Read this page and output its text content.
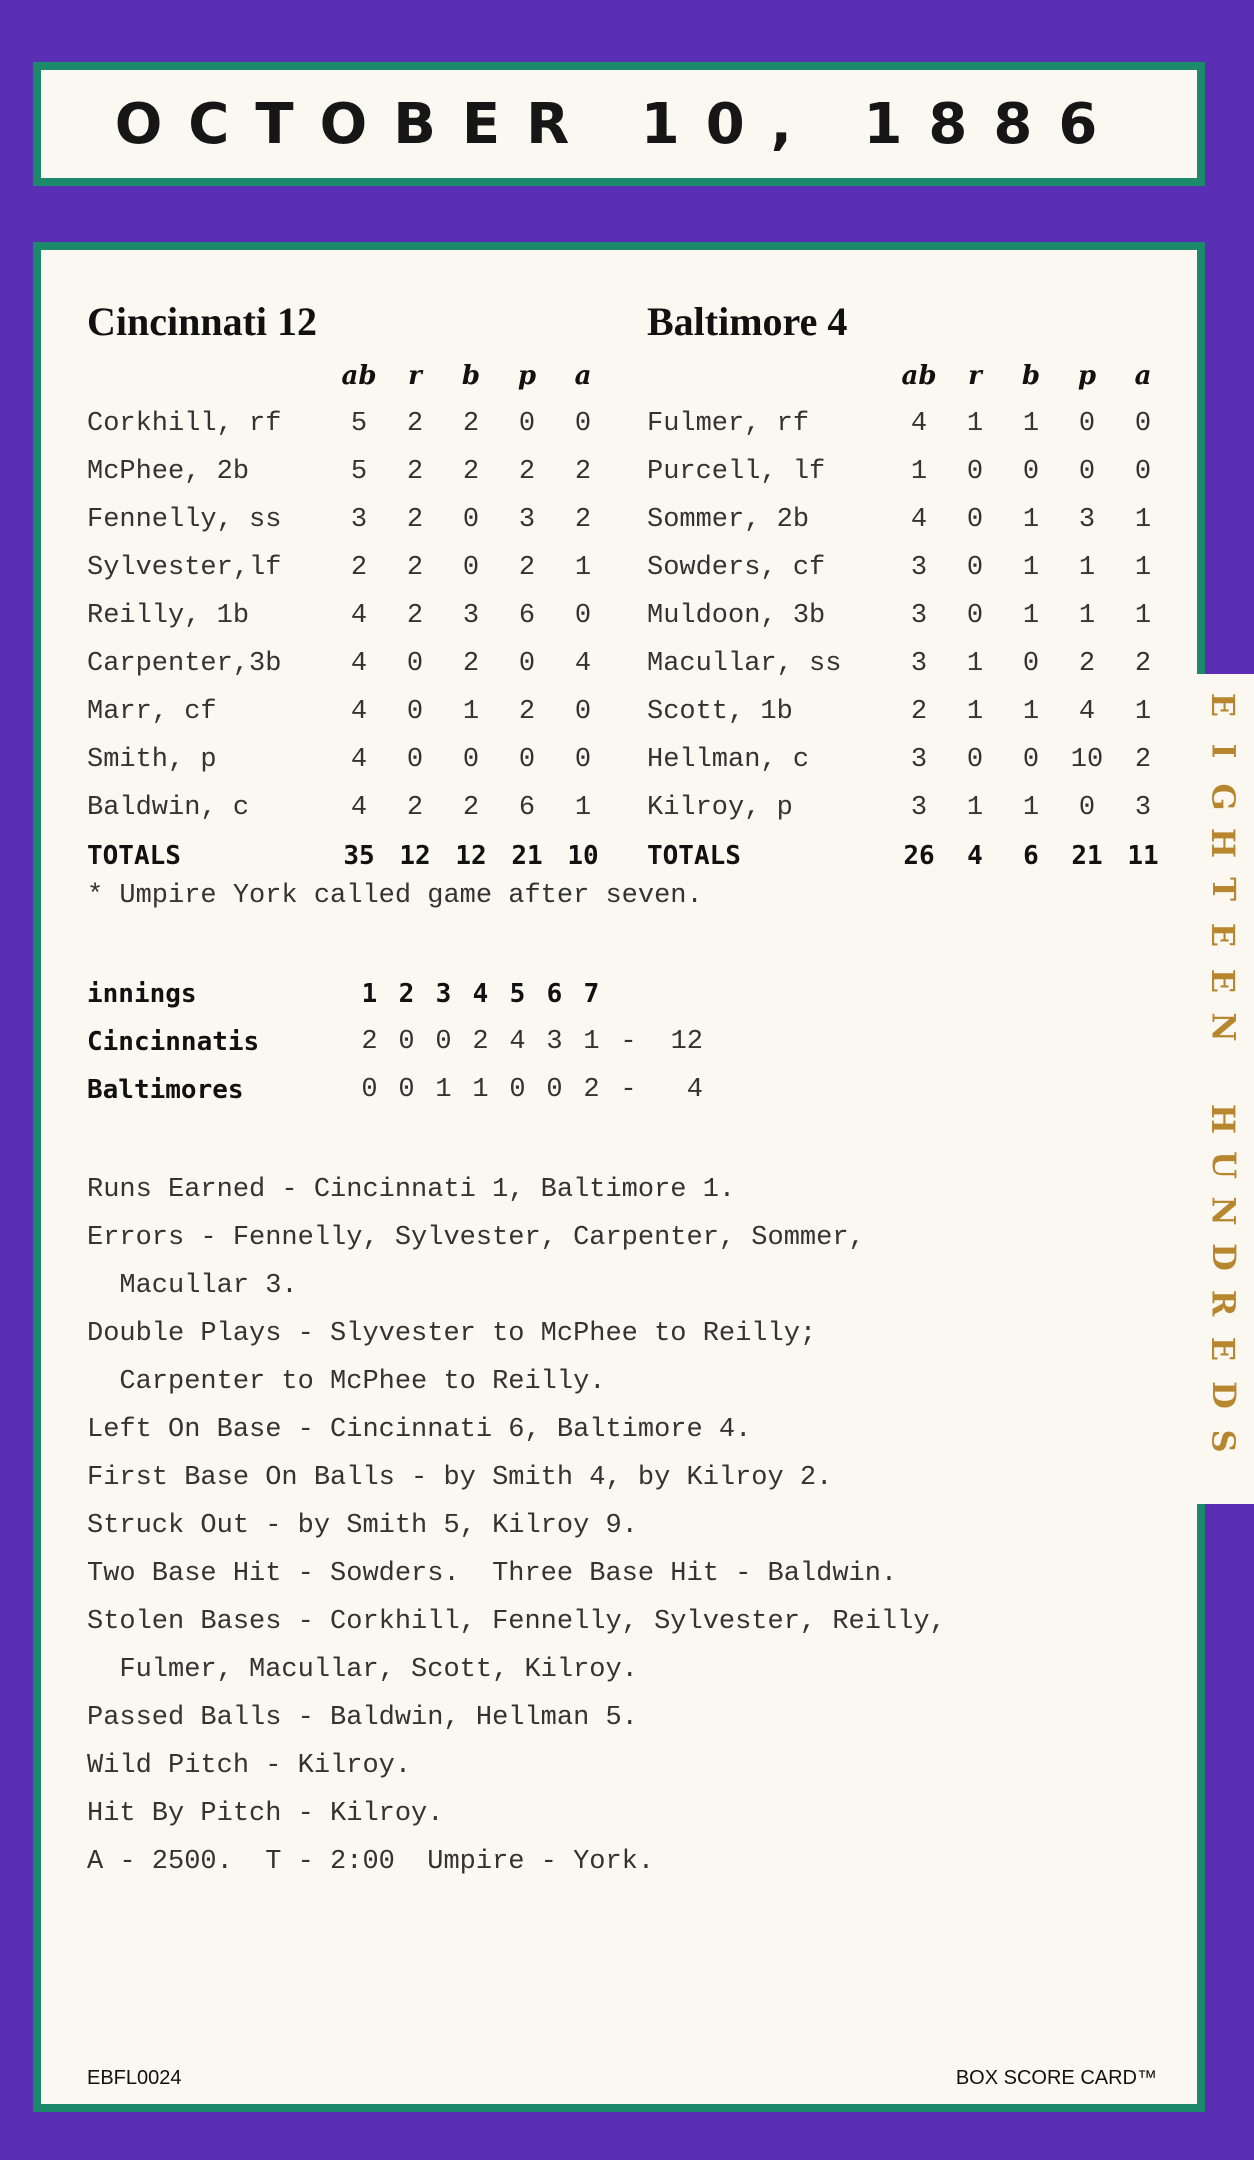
OCTOBER 10, 1886
Cincinnati 12	Baltimore 4
	ab	r	b	p	a
Corkhill, rf	5	2	2	0	0
McPhee, 2b	5	2	2	2	2
Fennelly, ss	3	2	0	3	2
Sylvester,lf	2	2	0	2	1
Reilly, 1b	4	2	3	6	0
Carpenter,3b	4	0	2	0	4
Marr, cf	4	0	1	2	0
Smith, p	4	0	0	0	0
Baldwin, c	4	2	2	6	1
TOTALS	35	12	12	21	10
	ab	r	b	p	a
Fulmer, rf	4	1	1	0	0
Purcell, lf	1	0	0	0	0
Sommer, 2b	4	0	1	3	1
Sowders, cf	3	0	1	1	1
Muldoon, 3b	3	0	1	1	1
Macullar, ss	3	1	0	2	2
Scott, 1b	2	1	1	4	1
Hellman, c	3	0	0	10	2
Kilroy, p	3	1	1	0	3
TOTALS	26	4	6	21	11
* Umpire York called game after seven.
innings	1	2	3	4	5	6	7		
Cincinnatis	2	0	0	2	4	3	1	-	12
Baltimores	0	0	1	1	0	0	2	-	4
Runs Earned - Cincinnati 1, Baltimore 1.
Errors - Fennelly, Sylvester, Carpenter, Sommer,
Macullar 3.
Double Plays - Slyvester to McPhee to Reilly;
Carpenter to McPhee to Reilly.
Left On Base - Cincinnati 6, Baltimore 4.
First Base On Balls - by Smith 4, by Kilroy 2.
Struck Out - by Smith 5, Kilroy 9.
Two Base Hit - Sowders.  Three Base Hit - Baldwin.
Stolen Bases - Corkhill, Fennelly, Sylvester, Reilly,
Fulmer, Macullar, Scott, Kilroy.
Passed Balls - Baldwin, Hellman 5.
Wild Pitch - Kilroy.
Hit By Pitch - Kilroy.
A - 2500.  T - 2:00  Umpire - York.
EBFL0024	BOX SCORE CARD™
E
I
G
H
T
E
E
N
H
U
N
D
R
E
D
S
